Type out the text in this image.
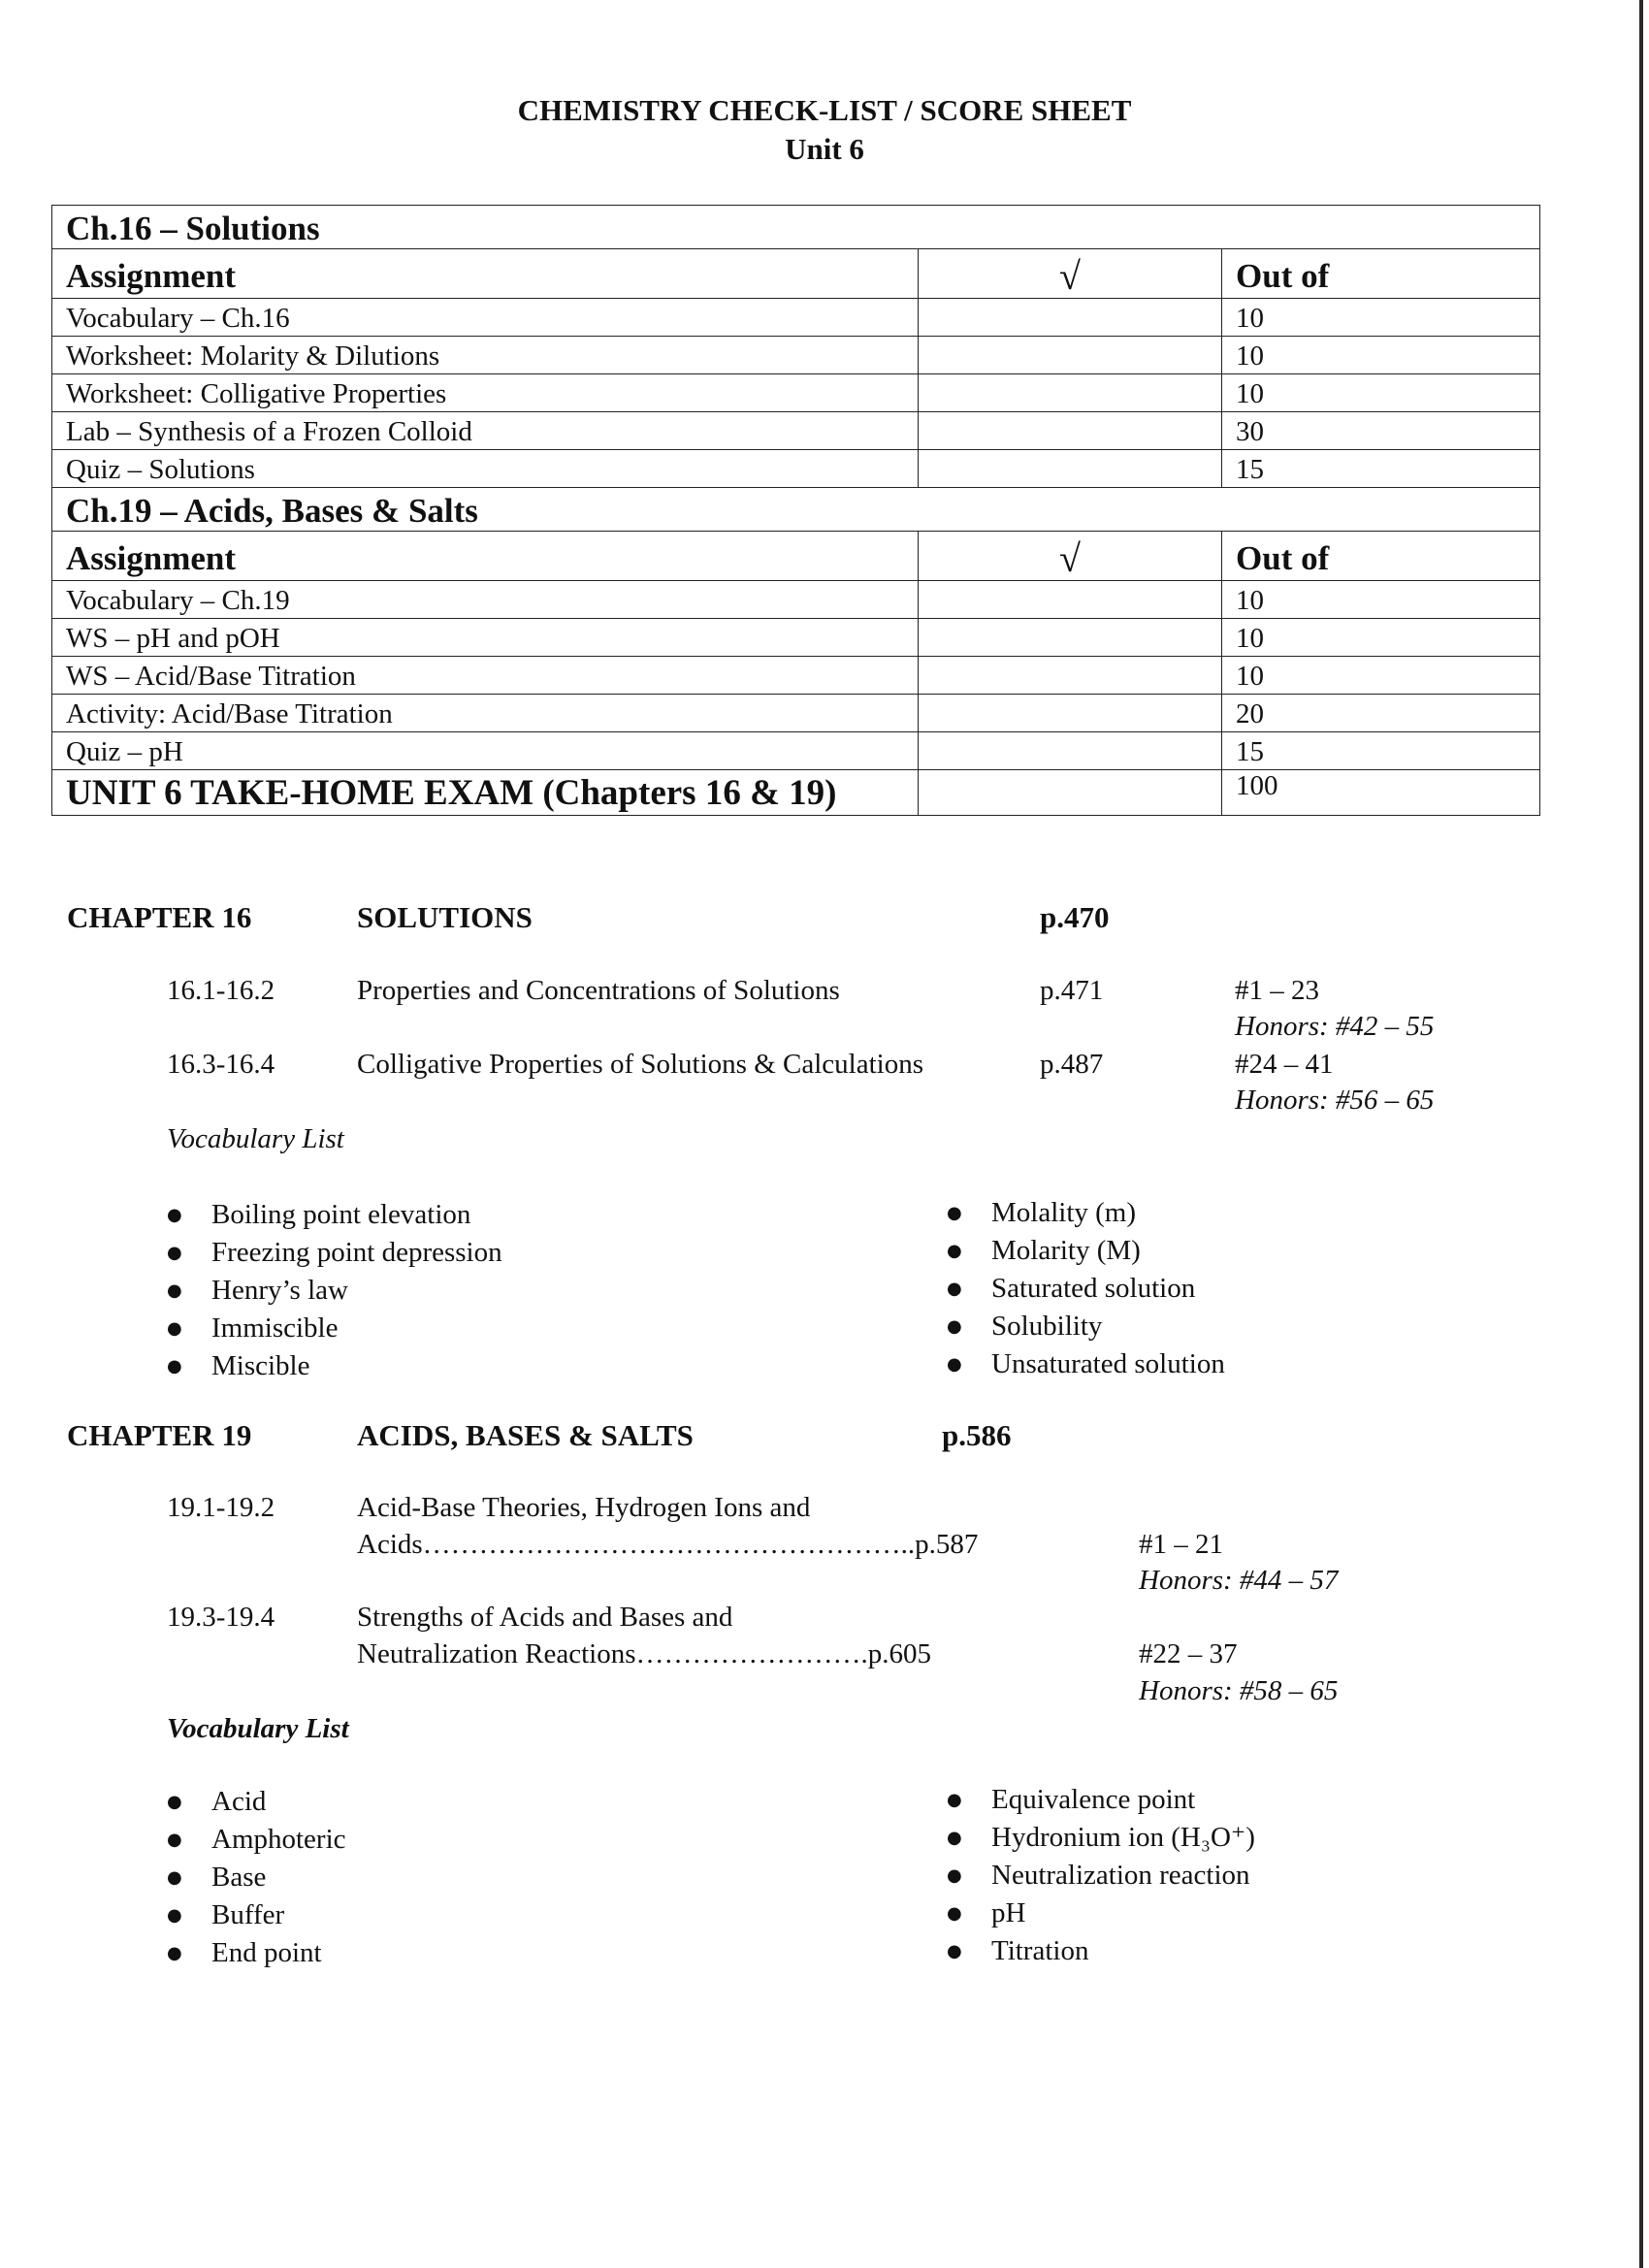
CHEMISTRY CHECK-LIST / SCORE SHEET
Unit 6
Ch.16 – Solutions		
Assignment	√	Out of
Vocabulary – Ch.16		10
Worksheet: Molarity & Dilutions		10
Worksheet: Colligative Properties		10
Lab – Synthesis of a Frozen Colloid		30
Quiz – Solutions		15
Ch.19 – Acids, Bases & Salts		
Assignment	√	Out of
Vocabulary – Ch.19		10
WS – pH and pOH		10
WS – Acid/Base Titration		10
Activity: Acid/Base Titration		20
Quiz – pH		15
UNIT 6 TAKE-HOME EXAM (Chapters 16 & 19)		100
CHAPTER 16	SOLUTIONS	p.470
16.1-16.2	Properties and Concentrations of Solutions	p.471	#1 – 23
Honors: #42 – 55
16.3-16.4	Colligative Properties of Solutions & Calculations	p.487	#24 – 41
Honors: #56 – 65
Vocabulary List
● Boiling point elevation
● Freezing point depression
● Henry’s law
● Immiscible
● Miscible
● Molality (m)
● Molarity (M)
● Saturated solution
● Solubility
● Unsaturated solution
CHAPTER 19	ACIDS, BASES & SALTS	p.586
19.1-19.2	Acid-Base Theories, Hydrogen Ions and
Acids……………………………………………..p.587	#1 – 21
Honors: #44 – 57
19.3-19.4	Strengths of Acids and Bases and
Neutralization Reactions…………………….p.605	#22 – 37
Honors: #58 – 65
Vocabulary List
● Acid
● Amphoteric
● Base
● Buffer
● End point
● Equivalence point
● Hydronium ion (H₃O⁺)
● Neutralization reaction
● pH
● Titration
